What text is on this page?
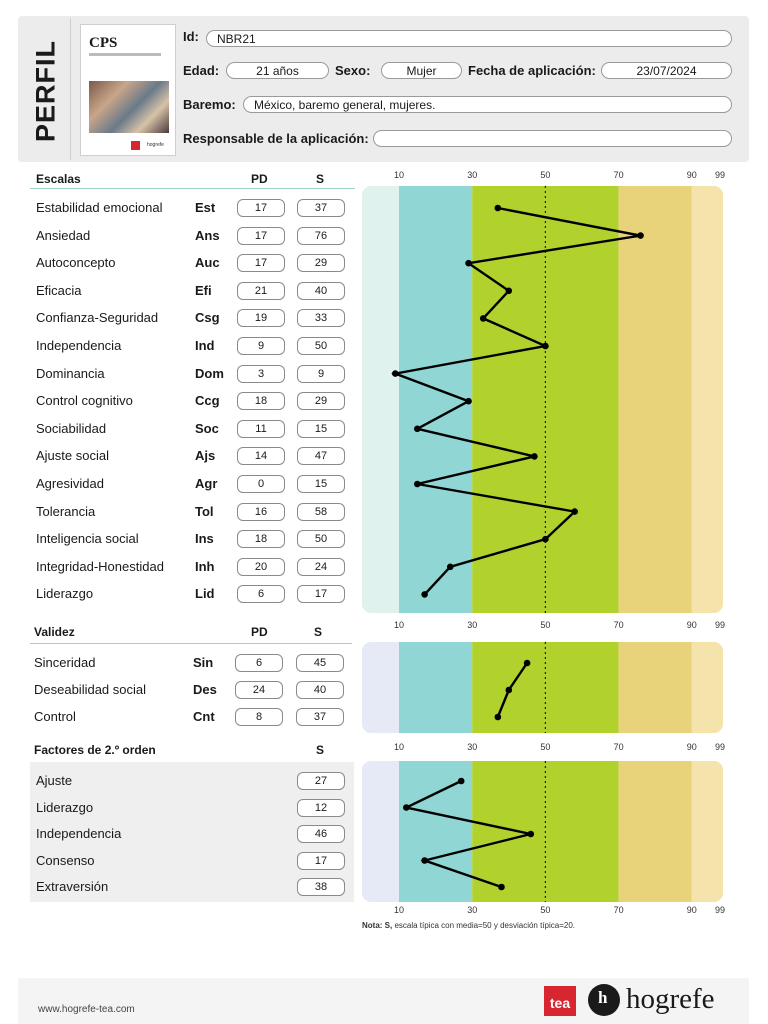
PERFIL CPS
hogrefe
Id:	NBR21
Edad:	21 años	Sexo:	Mujer	Fecha de aplicación:	23/07/2024
Baremo:	México, baremo general, mujeres.
Responsable de la aplicación:
Escalas	PD	S
Estabilidad emocional	Est	17	37
Ansiedad	Ans	17	76
Autoconcepto	Auc	17	29
Eficacia	Efi	21	40
Confianza-Seguridad	Csg	19	33
Independencia	Ind	9	50
Dominancia	Dom	3	9
Control cognitivo	Ccg	18	29
Sociabilidad	Soc	11	15
Ajuste social	Ajs	14	47
Agresividad	Agr	0	15
Tolerancia	Tol	16	58
Inteligencia social	Ins	18	50
Integridad-Honestidad Inh	20	24
Liderazgo	Lid	6	17
Validez	PD	S
Sinceridad	Sin	6	45
Deseabilidad social	Des	24	40
Control	Cnt	8	37
Factores de 2.º orden	S
Ajuste	27
Liderazgo	12
Independencia	46
Consenso	17
Extraversión	38
10	30	50	70	90 99
10	30	50	70	90 99
10	30	50	70	90 99
10	30	50	70	90 99
Nota: S, escala típica con media=50 y desviación típica=20.
www.hogrefe-tea.com	tea	h hogrefe
